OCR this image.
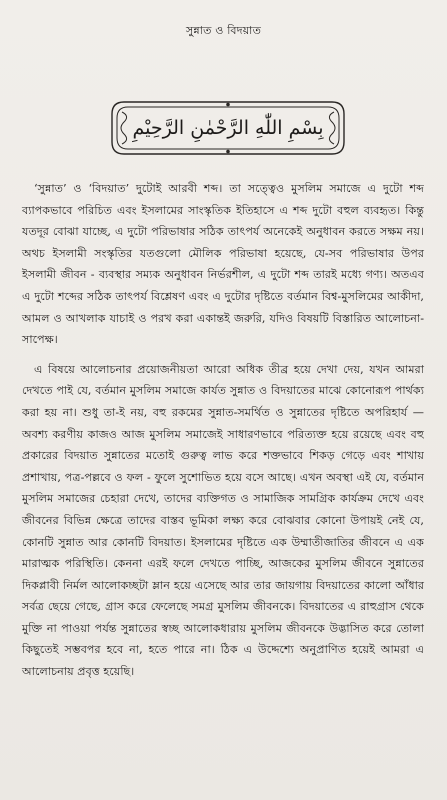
সুন্নাত ও বিদয়াত
بِسْمِ اللّٰهِ الرَّحْمٰنِ الرَّحِيْمِ

‘সুন্নাত’ ও ‘বিদয়াত’ দুটোই আরবী শব্দ। তা সত্ত্বেও মুসলিম সমাজে এ দুটো শব্দ ব্যাপকভাবে পরিচিত এবং ইসলামের সাংস্কৃতিক ইতিহাসে এ শব্দ দুটো বহুল ব্যবহৃত। কিন্তু যতদূর বোঝা যাচ্ছে, এ দুটো পরিভাষার সঠিক তাৎপর্য অনেকেই অনুধাবন করতে সক্ষম নয়। অথচ ইসলামী সংস্কৃতির যতগুলো মৌলিক পরিভাষা হয়েছে, যে-সব পরিভাষার উপর ইসলামী জীবন - ব্যবস্থার সম্যক অনুধাবন নির্ভরশীল, এ দুটো শব্দ তারই মধ্যে গণ্য। অতএব এ দুটো শব্দের সঠিক তাৎপর্য বিশ্লেষণ এবং এ দুটোর দৃষ্টিতে বর্তমান বিশ্ব-মুসলিমের আকীদা, আমল ও আখলাক যাচাই ও পরখ করা একান্তই জরুরি, যদিও বিষয়টি বিস্তারিত আলোচনা-সাপেক্ষ।

এ বিষয়ে আলোচনার প্রয়োজনীয়তা আরো অধিক তীব্র হয়ে দেখা দেয়, যখন আমরা দেখতে পাই যে, বর্তমান মুসলিম সমাজে কার্যত সুন্নাত ও বিদয়াতের মাঝে কোনোরূপ পার্থক্য করা হয় না। শুধু তা-ই নয়, বহু রকমের সুন্নাত-সমর্থিত ও সুন্নাতের দৃষ্টিতে অপরিহার্য — অবশ্য করণীয় কাজও আজ মুসলিম সমাজেই সাধারণভাবে পরিত্যক্ত হয়ে রয়েছে এবং বহু প্রকারের বিদয়াত সুন্নাতের মতোই গুরুত্ব লাভ করে শক্তভাবে শিকড় গেড়ে এবং শাখায় প্রশাখায়, পত্র-পল্লবে ও ফল - ফুলে সুশোভিত হয়ে বসে আছে। এখন অবস্থা এই যে, বর্তমান মুসলিম সমাজের চেহারা দেখে, তাদের ব্যক্তিগত ও সামাজিক সামগ্রিক কার্যক্রম দেখে এবং জীবনের বিভিন্ন ক্ষেত্রে তাদের বাস্তব ভূমিকা লক্ষ্য করে বোঝবার কোনো উপায়ই নেই যে, কোনটি সুন্নাত আর কোনটি বিদয়াত। ইসলামের দৃষ্টিতে এক উম্মাতীজাতির জীবনে এ এক মারাত্মক পরিস্থিতি। কেননা এরই ফলে দেখতে পাচ্ছি, আজকের মুসলিম জীবনে সুন্নাতের দিকপ্লাবী নির্মল আলোকচ্ছটা ম্লান হয়ে এসেছে আর তার জায়গায় বিদয়াতের কালো আঁধার সর্বত্র ছেয়ে গেছে, গ্রাস করে ফেলেছে সমগ্র মুসলিম জীবনকে। বিদয়াতের এ রাহুগ্রাস থেকে মুক্তি না পাওয়া পর্যন্ত সুন্নাতের স্বচ্ছ আলোকধারায় মুসলিম জীবনকে উদ্ভাসিত করে তোলা কিছুতেই সম্ভবপর হবে না, হতে পারে না। ঠিক এ উদ্দেশ্যে অনুপ্রাণিত হয়েই আমরা এ আলোচনায় প্রবৃত্ত হয়েছি।
